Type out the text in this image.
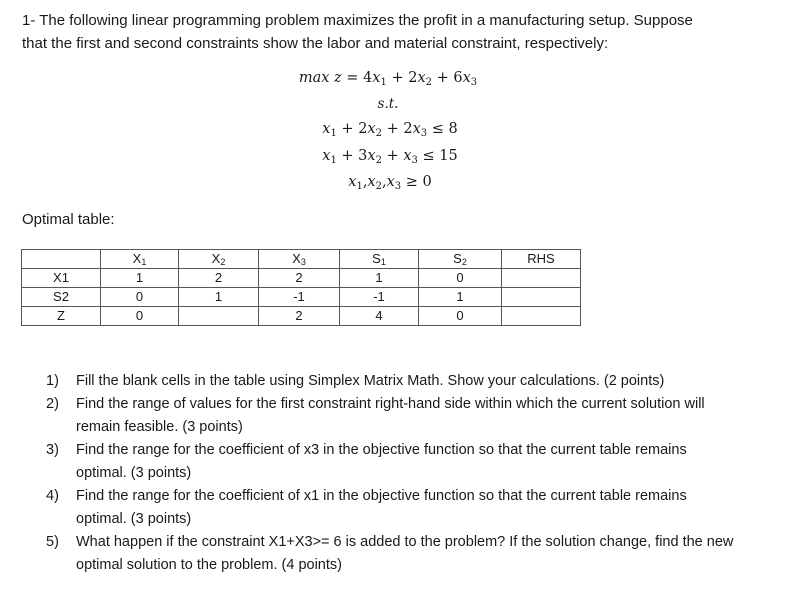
1- The following linear programming problem maximizes the profit in a manufacturing setup. Suppose that the first and second constraints show the labor and material constraint, respectively:
$\max z = 4x_1 + 2x_2 + 6x_3$
s.t.
$x_1 + 2x_2 + 2x_3 \le 8$
$x_1 + 3x_2 + x_3 \le 15$
$x_1,x_2,x_3 \ge 0$
Optimal table:
	$X_1$	$X_2$	$X_3$	$S_1$	$S_2$	RHS
X1	1	2	2	1	0	
S2	0	1	-1	-1	1	
Z	0		2	4	0	
1) Fill the blank cells in the table using Simplex Matrix Math. Show your calculations. (2 points)
2) Find the range of values for the first constraint right-hand side within which the current solution will remain feasible. (3 points)
3) Find the range for the coefficient of x3 in the objective function so that the current table remains optimal. (3 points)
4) Find the range for the coefficient of x1 in the objective function so that the current table remains optimal. (3 points)
5) What happen if the constraint X1+X3>= 6 is added to the problem? If the solution change, find the new optimal solution to the problem. (4 points)
